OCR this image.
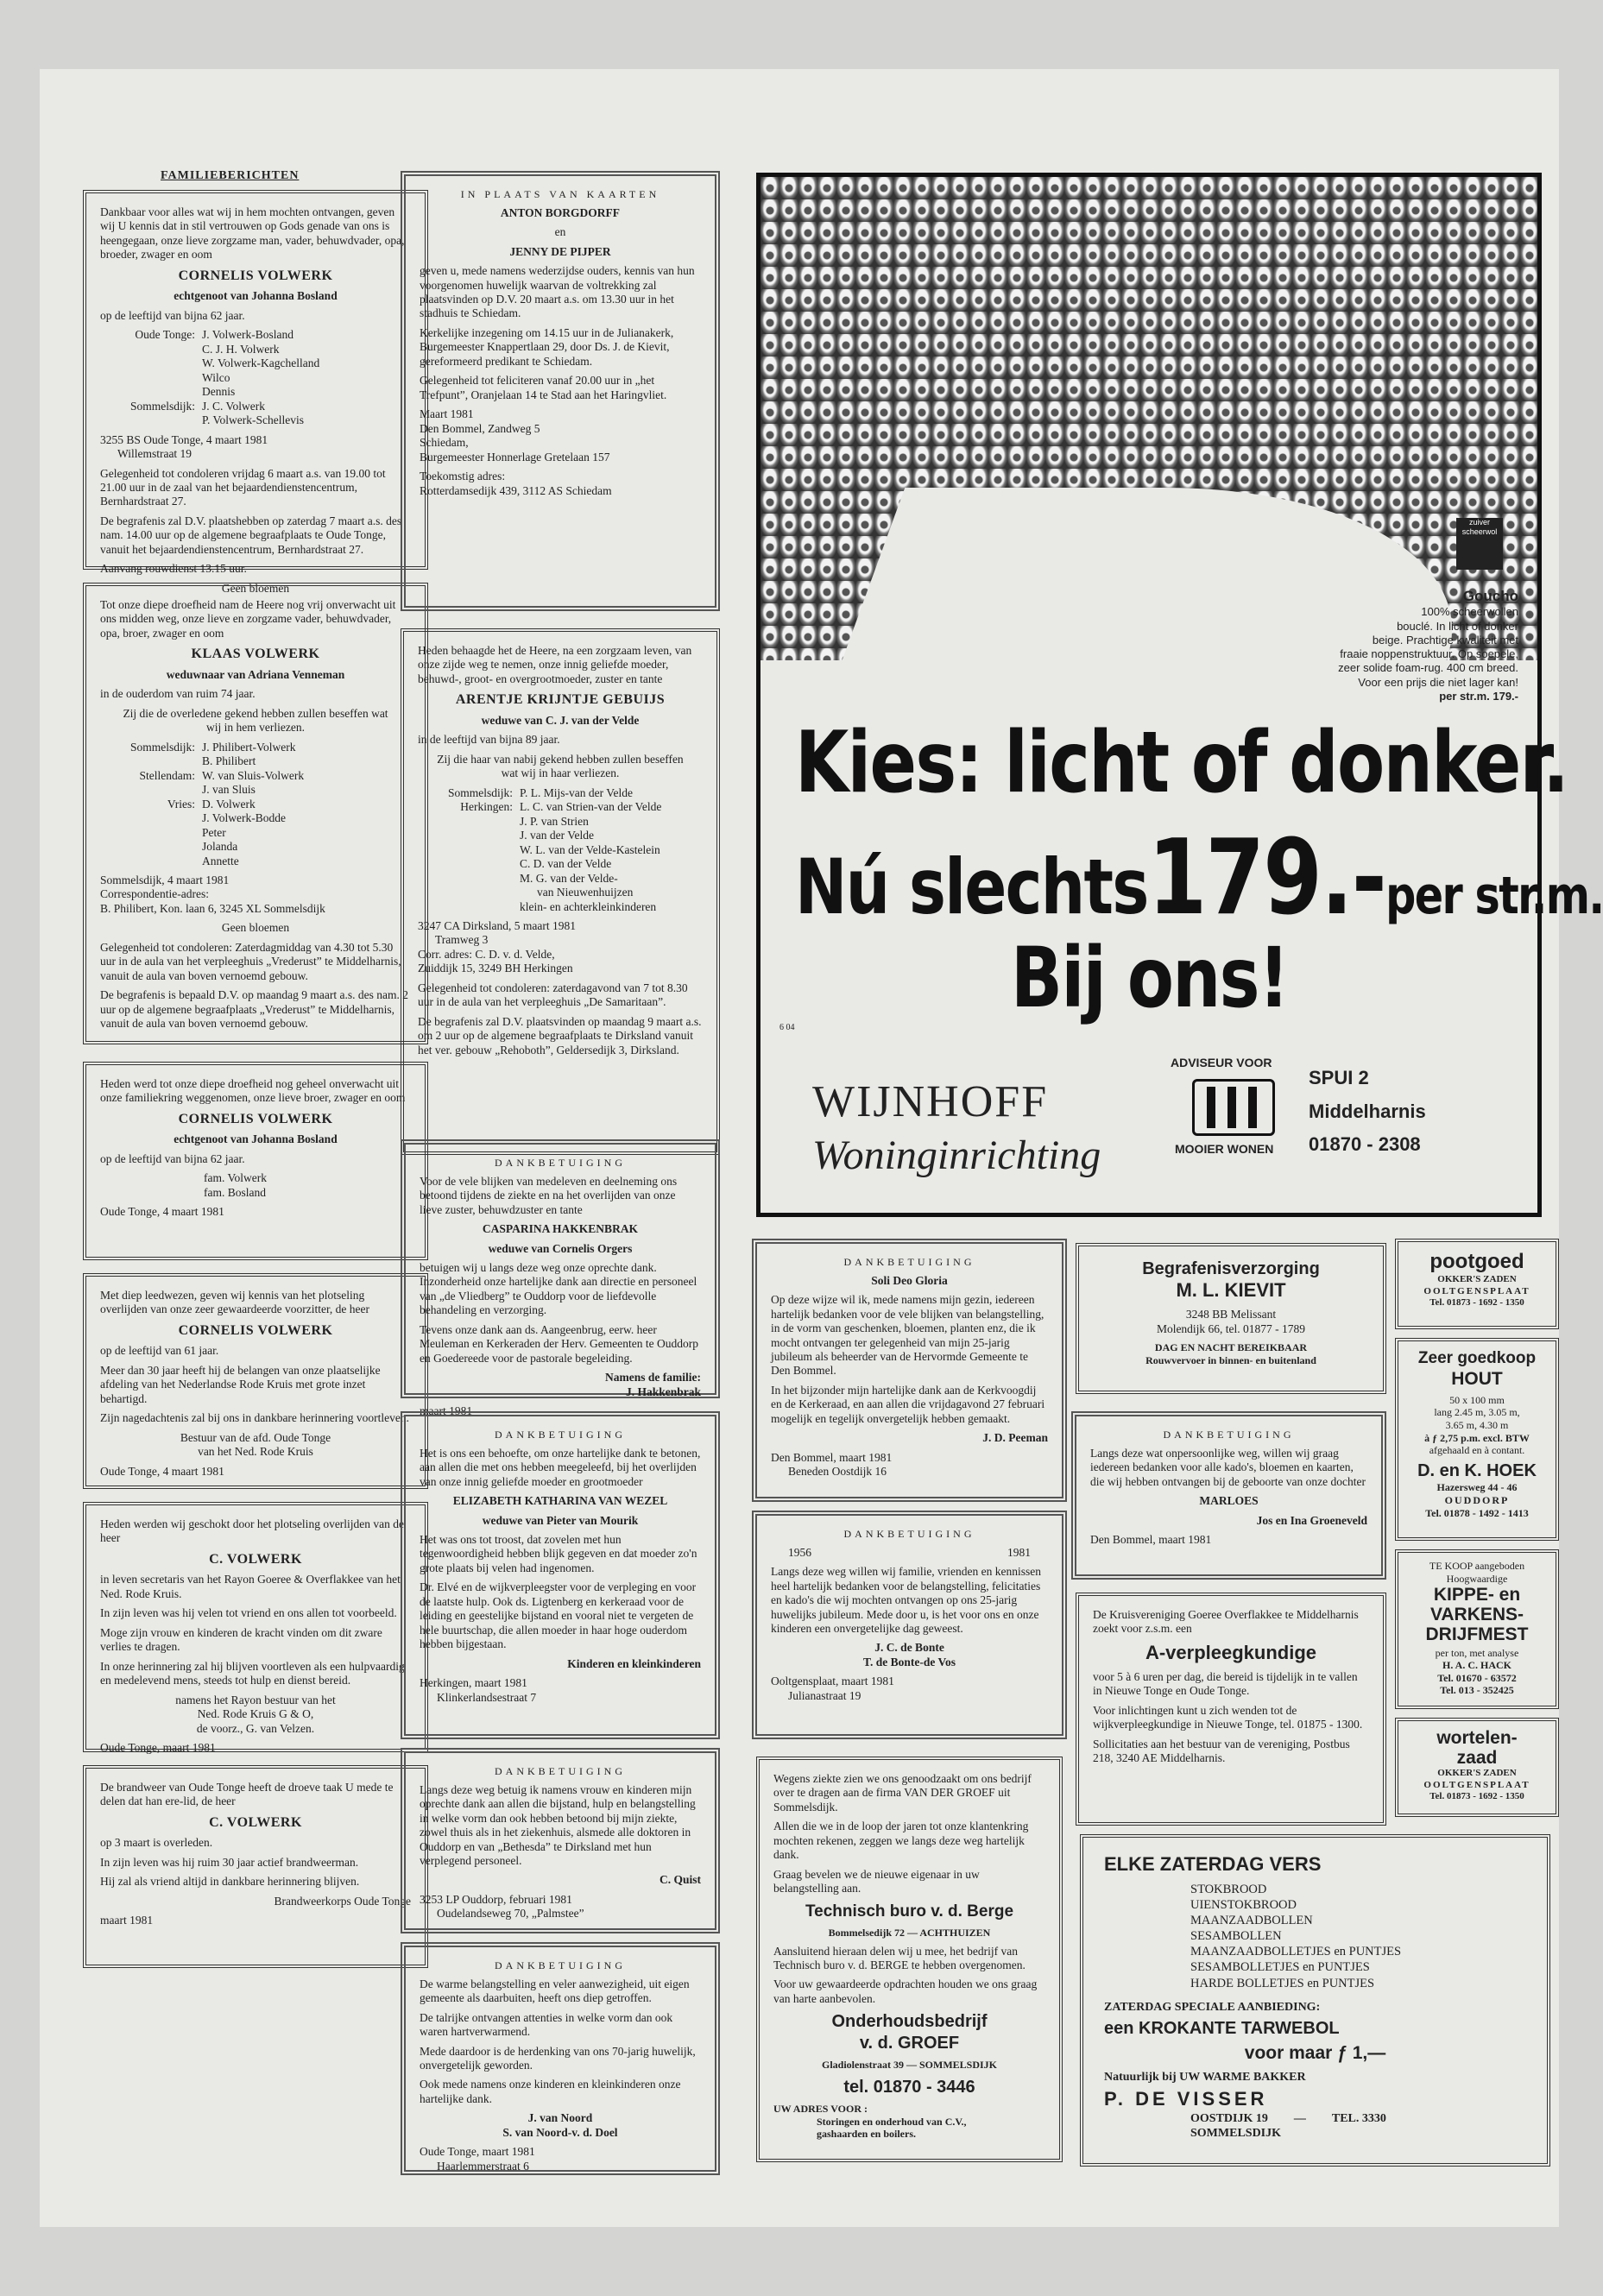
FAMILIEBERICHTEN

Dankbaar voor alles wat wij in hem mochten ontvangen, geven wij U kennis dat in stil vertrouwen op Gods genade van ons is heengegaan, onze lieve zorgzame man, vader, behuwdvader, opa, broeder, zwager en oom

CORNELIS VOLWERK

echtgenoot van Johanna Bosland

op de leeftijd van bijna 62 jaar.

Oude Tonge: J. Volwerk-Bosland
C. J. H. Volwerk
W. Volwerk-Kagchelland
Wilco
Dennis
Sommelsdijk: J. C. Volwerk
P. Volwerk-Schellevis

3255 BS Oude Tonge, 4 maart 1981
Willemstraat 19

Gelegenheid tot condoleren vrijdag 6 maart a.s. van 19.00 tot 21.00 uur in de zaal van het bejaardendienstencentrum, Bernhardstraat 27.

De begrafenis zal D.V. plaatshebben op zaterdag 7 maart a.s. des nam. 14.00 uur op de algemene begraafplaats te Oude Tonge, vanuit het bejaardendienstencentrum, Bernhardstraat 27.

Aanvang rouwdienst 13.15 uur.

Geen bloemen

Tot onze diepe droefheid nam de Heere nog vrij onverwacht uit ons midden weg, onze lieve en zorgzame vader, behuwdvader, opa, broer, zwager en oom

KLAAS VOLWERK

weduwnaar van Adriana Venneman

in de ouderdom van ruim 74 jaar.

Zij die de overledene gekend hebben zullen beseffen wat wij in hem verliezen.

Sommelsdijk: J. Philibert-Volwerk
B. Philibert
Stellendam: W. van Sluis-Volwerk
J. van Sluis
Vries: D. Volwerk
J. Volwerk-Bodde
Peter
Jolanda
Annette

Sommelsdijk, 4 maart 1981
Correspondentie-adres:
B. Philibert, Kon. laan 6, 3245 XL Sommelsdijk

Geen bloemen

Gelegenheid tot condoleren: Zaterdagmiddag van 4.30 tot 5.30 uur in de aula van het verpleeghuis „Vrederust” te Middelharnis, vanuit de aula van boven vernoemd gebouw.

De begrafenis is bepaald D.V. op maandag 9 maart a.s. des nam. 2 uur op de algemene begraafplaats „Vrederust” te Middelharnis, vanuit de aula van boven vernoemd gebouw.

Heden werd tot onze diepe droefheid nog geheel onverwacht uit onze familiekring weggenomen, onze lieve broer, zwager en oom

CORNELIS VOLWERK

echtgenoot van Johanna Bosland

op de leeftijd van bijna 62 jaar.

fam. Volwerk
fam. Bosland

Oude Tonge, 4 maart 1981

Met diep leedwezen, geven wij kennis van het plotseling overlijden van onze zeer gewaardeerde voorzitter, de heer

CORNELIS VOLWERK

op de leeftijd van 61 jaar.

Meer dan 30 jaar heeft hij de belangen van onze plaatselijke afdeling van het Nederlandse Rode Kruis met grote inzet behartigd.

Zijn nagedachtenis zal bij ons in dankbare herinnering voortleven.

Bestuur van de afd. Oude Tonge
van het Ned. Rode Kruis

Oude Tonge, 4 maart 1981

Heden werden wij geschokt door het plotseling overlijden van de heer

C. VOLWERK

in leven secretaris van het Rayon Goeree & Overflakkee van het Ned. Rode Kruis.

In zijn leven was hij velen tot vriend en ons allen tot voorbeeld.

Moge zijn vrouw en kinderen de kracht vinden om dit zware verlies te dragen.

In onze herinnering zal hij blijven voortleven als een hulpvaardig en medelevend mens, steeds tot hulp en dienst bereid.

namens het Rayon bestuur van het
Ned. Rode Kruis G & O,
de voorz., G. van Velzen.

Oude Tonge, maart 1981

De brandweer van Oude Tonge heeft de droeve taak U mede te delen dat han ere-lid, de heer

C. VOLWERK

op 3 maart is overleden.

In zijn leven was hij ruim 30 jaar actief brandweerman.

Hij zal als vriend altijd in dankbare herinnering blijven.

Brandweerkorps Oude Tonge

maart 1981

IN PLAATS VAN KAARTEN

ANTON BORGDORFF

en

JENNY DE PIJPER

geven u, mede namens wederzijdse ouders, kennis van hun voorgenomen huwelijk waarvan de voltrekking zal plaatsvinden op D.V. 20 maart a.s. om 13.30 uur in het stadhuis te Schiedam.

Kerkelijke inzegening om 14.15 uur in de Julianakerk, Burgemeester Knappertlaan 29, door Ds. J. de Kievit, gereformeerd predikant te Schiedam.

Gelegenheid tot feliciteren vanaf 20.00 uur in „het Trefpunt”, Oranjelaan 14 te Stad aan het Haringvliet.

Maart 1981
Den Bommel, Zandweg 5
Schiedam,
Burgemeester Honnerlage Gretelaan 157

Toekomstig adres:
Rotterdamsedijk 439, 3112 AS Schiedam

Heden behaagde het de Heere, na een zorgzaam leven, van onze zijde weg te nemen, onze innig geliefde moeder, behuwd-, groot- en overgrootmoeder, zuster en tante

ARENTJE KRIJNTJE GEBUIJS

weduwe van C. J. van der Velde

in de leeftijd van bijna 89 jaar.

Zij die haar van nabij gekend hebben zullen beseffen wat wij in haar verliezen.

Sommelsdijk: P. L. Mijs-van der Velde
Herkingen: L. C. van Strien-van der Velde
J. P. van Strien
J. van der Velde
W. L. van der Velde-Kastelein
C. D. van der Velde
M. G. van der Velde-
van Nieuwenhuijzen
klein- en achterkleinkinderen

3247 CA Dirksland, 5 maart 1981
Tramweg 3
Corr. adres: C. D. v. d. Velde,
Zuiddijk 15, 3249 BH Herkingen

Gelegenheid tot condoleren: zaterdagavond van 7 tot 8.30 uur in de aula van het verpleeghuis „De Samaritaan”.

De begrafenis zal D.V. plaatsvinden op maandag 9 maart a.s. om 2 uur op de algemene begraafplaats te Dirksland vanuit het ver. gebouw „Rehoboth”, Geldersedijk 3, Dirksland.

DANKBETUIGING

Voor de vele blijken van medeleven en deelneming ons betoond tijdens de ziekte en na het overlijden van onze lieve zuster, behuwdzuster en tante

CASPARINA HAKKENBRAK

weduwe van Cornelis Orgers

betuigen wij u langs deze weg onze oprechte dank. Inzonderheid onze hartelijke dank aan directie en personeel van „de Vliedberg” te Ouddorp voor de liefdevolle behandeling en verzorging.

Tevens onze dank aan ds. Aangeenbrug, eerw. heer Meuleman en Kerkeraden der Herv. Gemeenten te Ouddorp en Goedereede voor de pastorale begeleiding.

Namens de familie:
J. Hakkenbrak

maart 1981

DANKBETUIGING

Het is ons een behoefte, om onze hartelijke dank te betonen, aan allen die met ons hebben meegeleefd, bij het overlijden van onze innig geliefde moeder en grootmoeder

ELIZABETH KATHARINA VAN WEZEL

weduwe van Pieter van Mourik

Het was ons tot troost, dat zovelen met hun tegenwoordigheid hebben blijk gegeven en dat moeder zo'n grote plaats bij velen had ingenomen.

Dr. Elvé en de wijkverpleegster voor de verpleging en voor de laatste hulp. Ook ds. Ligtenberg en kerkeraad voor de leiding en geestelijke bijstand en vooral niet te vergeten de hele buurtschap, die allen moeder in haar hoge ouderdom hebben bijgestaan.

Kinderen en kleinkinderen

Herkingen, maart 1981
Klinkerlandsestraat 7

DANKBETUIGING

Langs deze weg betuig ik namens vrouw en kinderen mijn oprechte dank aan allen die bijstand, hulp en belangstelling in welke vorm dan ook hebben betoond bij mijn ziekte, zowel thuis als in het ziekenhuis, alsmede alle doktoren in Ouddorp en van „Bethesda” te Dirksland met hun verplegend personeel.

C. Quist

3253 LP Ouddorp, februari 1981
Oudelandseweg 70, „Palmstee”

DANKBETUIGING

De warme belangstelling en veler aanwezigheid, uit eigen gemeente als daarbuiten, heeft ons diep getroffen.

De talrijke ontvangen attenties in welke vorm dan ook waren hartverwarmend.

Mede daardoor is de herdenking van ons 70-jarig huwelijk, onvergetelijk geworden.

Ook mede namens onze kinderen en kleinkinderen onze hartelijke dank.

J. van Noord
S. van Noord-v. d. Doel

Oude Tonge, maart 1981
Haarlemmerstraat 6

zuiver scheerwol
Goucho
100% scheerwollen
bouclé. In licht of donker
beige. Prachtige kwaliteit met
fraaie noppenstruktuur. Op soepele,
zeer solide foam-rug. 400 cm breed.
Voor een prijs die niet lager kan!
per str.m. 179.-
Kies: licht of donker.
Nú slechts179.-per str.m.
Bij ons!
6 04
WIJNHOFF
Woninginrichting
ADVISEUR VOOR
MOOIER WONEN
SPUI 2
Middelharnis
01870 - 2308

DANKBETUIGING

Soli Deo Gloria

Op deze wijze wil ik, mede namens mijn gezin, iedereen hartelijk bedanken voor de vele blijken van belangstelling, in de vorm van geschenken, bloemen, planten enz, die ik mocht ontvangen ter gelegenheid van mijn 25-jarig jubileum als beheerder van de Hervormde Gemeente te Den Bommel.

In het bijzonder mijn hartelijke dank aan de Kerkvoogdij en de Kerkeraad, en aan allen die vrijdagavond 27 februari mogelijk en tegelijk onvergetelijk hebben gemaakt.

J. D. Peeman

Den Bommel, maart 1981
Beneden Oostdijk 16

DANKBETUIGING

1956	1981

Langs deze weg willen wij familie, vrienden en kennissen heel hartelijk bedanken voor de belangstelling, felicitaties en kado's die wij mochten ontvangen op ons 25-jarig huwelijks jubileum. Mede door u, is het voor ons en onze kinderen een onvergetelijke dag geweest.

J. C. de Bonte
T. de Bonte-de Vos

Ooltgensplaat, maart 1981
Julianastraat 19

Wegens ziekte zien we ons genoodzaakt om ons bedrijf over te dragen aan de firma VAN DER GROEF uit Sommelsdijk.

Allen die we in de loop der jaren tot onze klantenkring mochten rekenen, zeggen we langs deze weg hartelijk dank.

Graag bevelen we de nieuwe eigenaar in uw belangstelling aan.

Technisch buro v. d. Berge

Bommelsedijk 72 — ACHTHUIZEN

Aansluitend hieraan delen wij u mee, het bedrijf van Technisch buro v. d. BERGE te hebben overgenomen.

Voor uw gewaardeerde opdrachten houden we ons graag van harte aanbevolen.

Onderhoudsbedrijf

v. d. GROEF

Gladiolenstraat 39 — SOMMELSDIJK

tel. 01870 - 3446

UW ADRES VOOR :
Storingen en onderhoud van C.V.,
gashaarden en boilers.

Begrafenisverzorging

M. L. KIEVIT

3248 BB Melissant
Molendijk 66, tel. 01877 - 1789

DAG EN NACHT BEREIKBAAR

Rouwvervoer in binnen- en buitenland

DANKBETUIGING

Langs deze wat onpersoonlijke weg, willen wij graag iedereen bedanken voor alle kado's, bloemen en kaarten, die wij hebben ontvangen bij de geboorte van onze dochter

MARLOES

Jos en Ina Groeneveld

Den Bommel, maart 1981

De Kruisvereniging Goeree Overflakkee te Middelharnis zoekt voor z.s.m. een

A-verpleegkundige

voor 5 à 6 uren per dag, die bereid is tijdelijk in te vallen in Nieuwe Tonge en Oude Tonge.

Voor inlichtingen kunt u zich wenden tot de wijkverpleegkundige in Nieuwe Tonge, tel. 01875 - 1300.

Sollicitaties aan het bestuur van de vereniging, Postbus 218, 3240 AE Middelharnis.

pootgoed

OKKER'S ZADEN

OOLTGENSPLAAT

Tel. 01873 - 1692 - 1350

Zeer goedkoop

HOUT

50 x 100 mm
lang 2.45 m, 3.05 m,
3.65 m, 4.30 m
à ƒ 2,75 p.m. excl. BTW
afgehaald en à contant.

D. en K. HOEK

Hazersweg 44 - 46
OUDDORP
Tel. 01878 - 1492 - 1413

TE KOOP aangeboden
Hoogwaardige

KIPPE- en
VARKENS-
DRIJFMEST

per ton, met analyse
H. A. C. HACK
Tel. 01670 - 63572
Tel. 013 - 352425

wortelen-
zaad

OKKER'S ZADEN

OOLTGENSPLAAT

Tel. 01873 - 1692 - 1350

ELKE ZATERDAG VERS

STOKBROOD
UIENSTOKBROOD
MAANZAADBOLLEN
SESAMBOLLEN
MAANZAADBOLLETJES en PUNTJES
SESAMBOLLETJES en PUNTJES
HARDE BOLLETJES en PUNTJES

ZATERDAG SPECIALE AANBIEDING:

een KROKANTE TARWEBOL

voor maar ƒ 1,—

Natuurlijk bij UW WARME BAKKER

P. DE VISSER

OOSTDIJK 19 — TEL. 3330

SOMMELSDIJK
